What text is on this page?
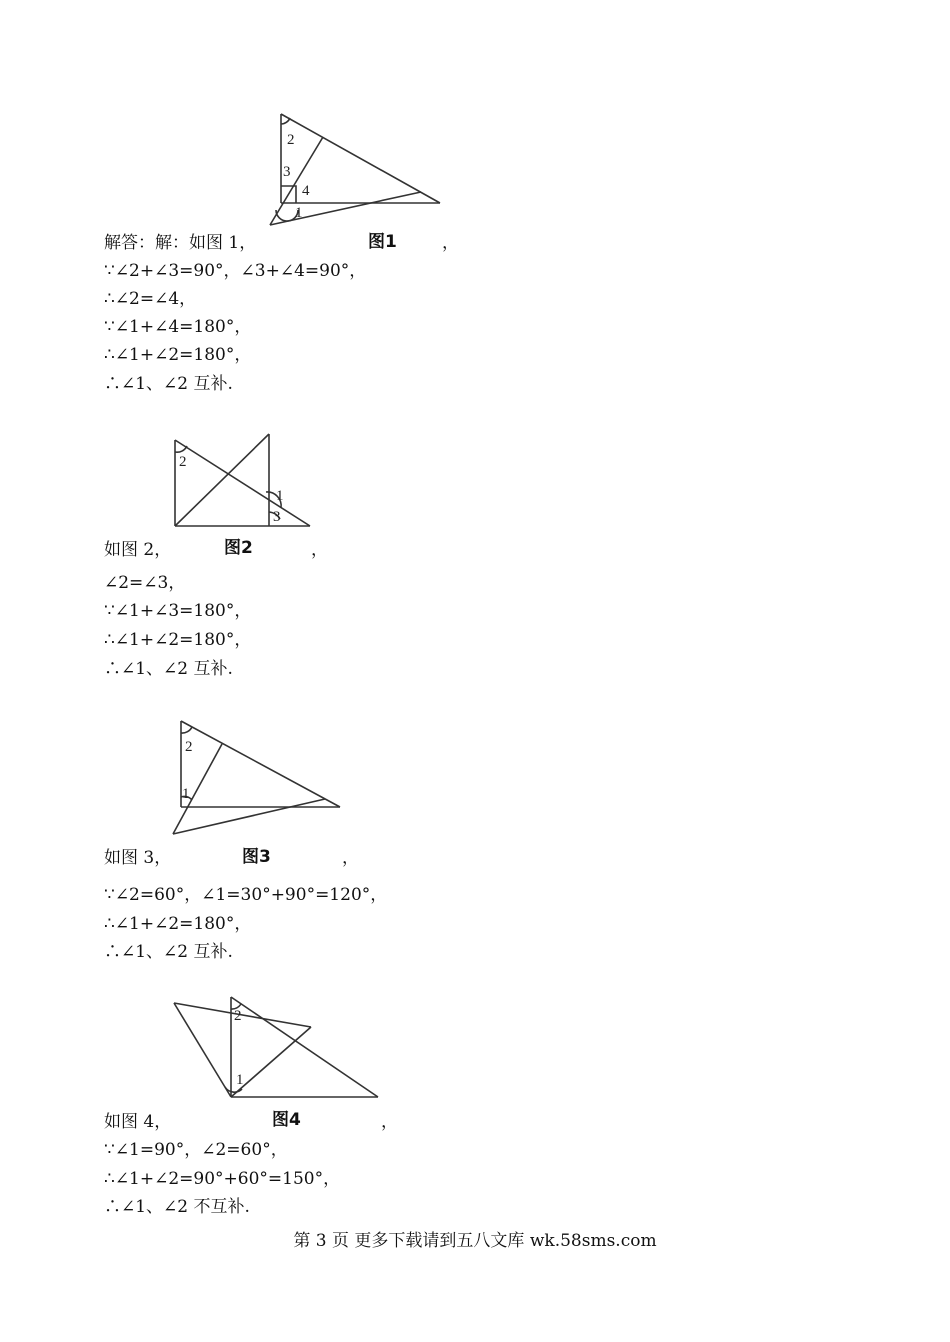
2
3
4
1
解答：解：如图 1，	图1	，
∵∠2+∠3=90°，∠3+∠4=90°，
∴∠2=∠4，
∵∠1+∠4=180°，
∴∠1+∠2=180°，
∴∠1、∠2 互补.
2
1
3
如图 2，	图2	，
∠2=∠3，
∵∠1+∠3=180°，
∴∠1+∠2=180°，
∴∠1、∠2 互补.
2
1
如图 3，	图3	，
∵∠2=60°，∠1=30°+90°=120°，
∴∠1+∠2=180°，
∴∠1、∠2 互补.
2
1
如图 4，	图4	，
∵∠1=90°，∠2=60°，
∴∠1+∠2=90°+60°=150°，
∴∠1、∠2 不互补.
第 3 页 更多下载请到五八文库 wk.58sms.com
